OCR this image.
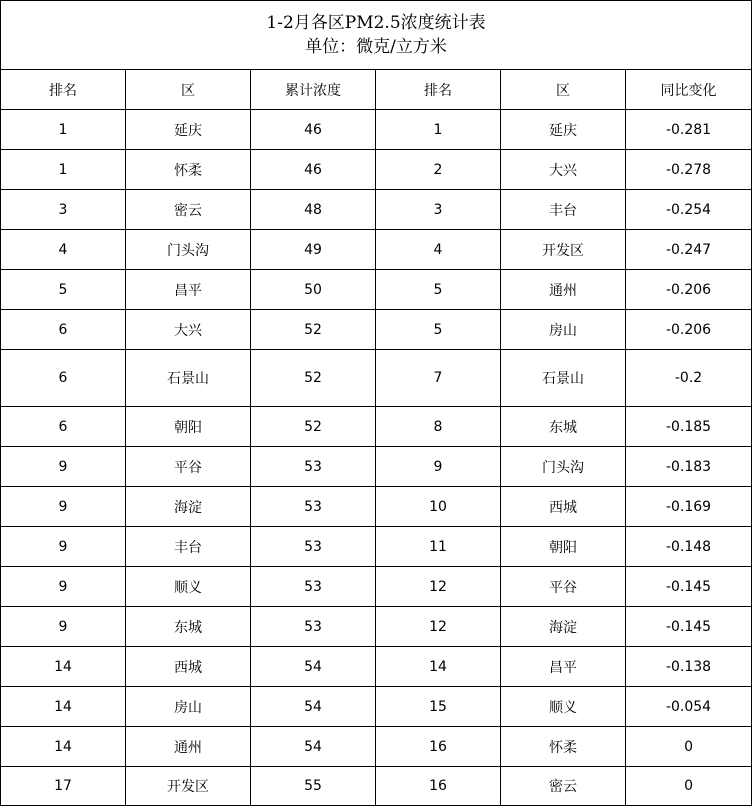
1-2月各区PM2.5浓度统计表
单位：微克/立方米					

排名	区	累计浓度	排名	区	同比变化
1	延庆	46	1	延庆	-0.281
1	怀柔	46	2	大兴	-0.278
3	密云	48	3	丰台	-0.254
4	门头沟	49	4	开发区	-0.247
5	昌平	50	5	通州	-0.206
6	大兴	52	5	房山	-0.206
6	石景山	52	7	石景山	-0.2
6	朝阳	52	8	东城	-0.185
9	平谷	53	9	门头沟	-0.183
9	海淀	53	10	西城	-0.169
9	丰台	53	11	朝阳	-0.148
9	顺义	53	12	平谷	-0.145
9	东城	53	12	海淀	-0.145
14	西城	54	14	昌平	-0.138
14	房山	54	15	顺义	-0.054
14	通州	54	16	怀柔	0
17	开发区	55	16	密云	0
